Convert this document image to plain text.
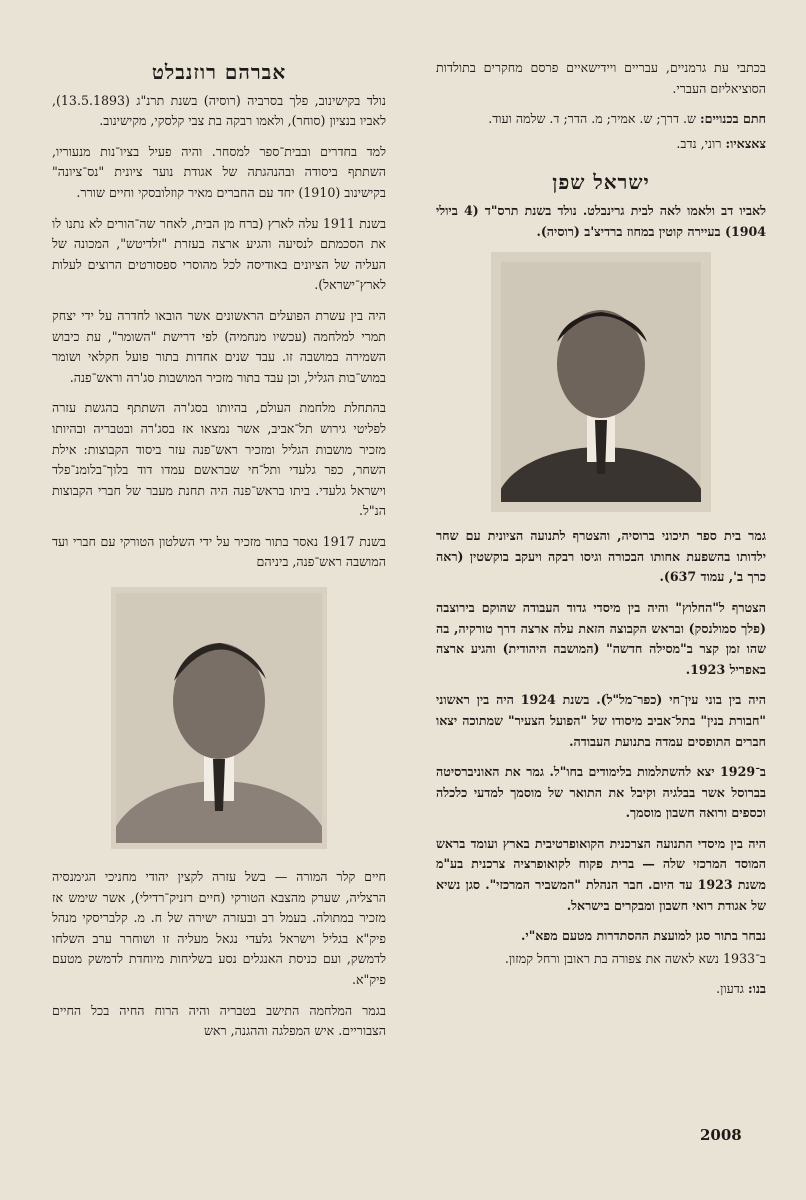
בכתבי עת גרמניים, עבריים ויידישאיים פרסם מחקרים בתולדות הסוציאליזם העברי.

חתם בכנויים: ש. דרך; ש. אמיר; מ. הדר; ד. שלמה ועוד.
צאצאיו: רוני, נדב.
ישראל שפן

לאביו דב ולאמו לאה לבית גרינבלט. נולד בשנת תרס"ד (4 ביולי 1904) בעיירה קוטין במחוז ברדיצ'ב (רוסיה).

גמר בית ספר תיכוני ברוסיה, והצטרף לתנועה הציונית עם שחר ילדותו בהשפעת אחותו הבכורה וגיסו רבקה ויעקב בוקשטין (ראה כרך ב', עמוד 637).

הצטרף ל"החלוץ" והיה בין מיסדי גדוד העבודה שהוקם בירוצבה (פלך סמולנסק) ובראש הקבוצה הזאת עלה ארצה דרך טורקיה, בה שהו זמן קצר ב"מסילה חדשה" (המושבה היהודית) והגיע ארצה באפריל 1923.

היה בין בוני עין־חי (כפר־מל"ל). בשנת 1924 היה בין ראשוני "חבורת בנין" בתל־אביב מיסודו של "הפועל הצעיר" שמתוכה יצאו חברים התופסים עמדה בתנועת העבודה.

ב־1929 יצא להשתלמות בלימודים בחו"ל. גמר את האוניברסיטה בברוסל אשר בבלגיה וקיבל את התואר של מוסמך למדעי כלכלה וכספים ורואה חשבון מוסמך.

היה בין מיסדי התנועה הצרכנית הקואופרטיבית בארץ ועומד בראש המוסד המרכזי שלה — ברית פקוח לקואופרציה צרכנית בע"מ משנת 1923 עד היום. חבר הנהלת "המשביר המרכזי". סגן נשיא של אגודת רואי חשבון ומבקרים בישראל.

נבחר בתור סגן למועצת ההסתדרות מטעם מפא"י.

ב־1933 נשא לאשה את צפורה בת ראובן ורחל קמזון.

בנו: גדעון.
אברהם רוזנבלט

נולד בקישינוב, פלך בסרביה (רוסיה) בשנת תרנ"ג (13.5.1893), לאביו בנציון (סוחר), ולאמו רבקה בת צבי קלסקי, מקישינוב.

למד בחדרים ובבית־ספר למסחר. והיה פעיל בציו־נות מנעוריו, השתתף ביסודה ובהנהגתה של אגודת נוער ציונית "נס־ציונה" בקישינוב (1910) יחד עם החברים מאיר קוזלובסקי וחיים שורר.

בשנת 1911 עלה לארץ (ברח מן הבית, לאחר שה־הורים לא נתנו לו את הסכמתם לנסיעה והגיע ארצה בעזרת "זלדיטש", המכונה של העליה של הציונים באודיסה לכל מהוסרי ספסורטים הרוצים לעלות לארץ־ישראל).

היה בין עשרת הפועלים הראשונים אשר הובאו לחדרה על ידי יצחק תמרי למלחמה (עכשיו מנחמיה) לפי דרישת "השומר", עת כיבוש השמירה במושבה זו. עבד שנים אחדות בתור פועל חקלאי ושומר במוש־בות הגליל, וכן עבד בתור מזכיר המושבות סג'רה וראש־פנה.

בהתחלת מלחמת העולם, בהיותו בסג'רה השתתף בהגשת עזרה לפליטי גירוש תל־אביב, אשר נמצאו אז בסג'רה ובטבריה ובהיותו מזכיר מושבות הגליל ומזכיר ראש־פנה עזר ביסוד הקבוצות: אילת השחר, כפר גלעדי ותל־חי שבראשם עמדו דוד בלוך־בלומנ־פלד וישראל גלעדי. ביתו בראש־פנה היה תחנת מעבר של חברי הקבוצות הנ"ל.

בשנת 1917 נאסר בתור מזכיר על ידי השלטון הטורקי עם חברי ועד המושבה ראש־פנה, ביניהם

חיים קלר המורה — בשל עזרה לקצין יהודי מחניכי הגימנסיה הרצליה, שערק מהצבא הטורקי (חיים רזניק־רדילי), אשר שימש אז מזכיר במתולה. בעמל רב ובעזרה ישירה של ח. מ. קלבריסקי מנהל פיק"א בגליל וישראל גלעדי נגאל מעליה זו ושוחרר ערב השלחו לדמשק, ועם כניסת האנגלים נסע בשליחות מיוחדת לדמשק מטעם פיק"א.

בגמר המלחמה התישב בטבריה והיה הרוח החיה בכל החיים הצבוריים. איש המפלגה וההגנה, ראש

2008
